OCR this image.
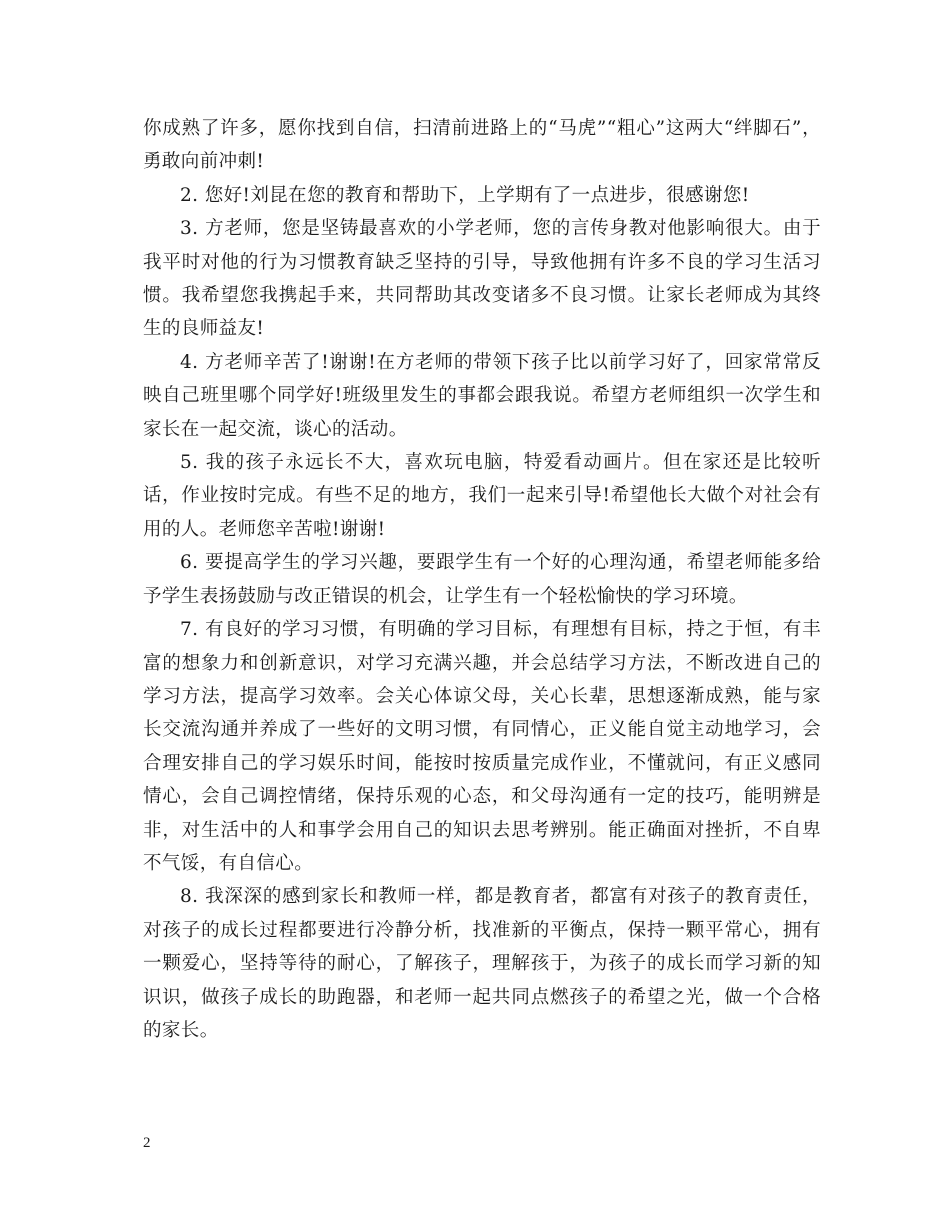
你成熟了许多，愿你找到自信，扫清前进路上的“马虎”“粗心”这两大“绊脚石”，勇敢向前冲刺!

2. 您好!刘昆在您的教育和帮助下，上学期有了一点进步，很感谢您!

3. 方老师，您是坚铸最喜欢的小学老师，您的言传身教对他影响很大。由于我平时对他的行为习惯教育缺乏坚持的引导，导致他拥有许多不良的学习生活习惯。我希望您我携起手来，共同帮助其改变诸多不良习惯。让家长老师成为其终生的良师益友!

4. 方老师辛苦了!谢谢!在方老师的带领下孩子比以前学习好了，回家常常反映自己班里哪个同学好!班级里发生的事都会跟我说。希望方老师组织一次学生和家长在一起交流，谈心的活动。

5. 我的孩子永远长不大，喜欢玩电脑，特爱看动画片。但在家还是比较听话，作业按时完成。有些不足的地方，我们一起来引导!希望他长大做个对社会有用的人。老师您辛苦啦!谢谢!

6. 要提高学生的学习兴趣，要跟学生有一个好的心理沟通，希望老师能多给予学生表扬鼓励与改正错误的机会，让学生有一个轻松愉快的学习环境。

7. 有良好的学习习惯，有明确的学习目标，有理想有目标，持之于恒，有丰富的想象力和创新意识，对学习充满兴趣，并会总结学习方法，不断改进自己的学习方法，提高学习效率。会关心体谅父母，关心长辈，思想逐渐成熟，能与家长交流沟通并养成了一些好的文明习惯，有同情心，正义能自觉主动地学习，会合理安排自己的学习娱乐时间，能按时按质量完成作业，不懂就问，有正义感同情心，会自己调控情绪，保持乐观的心态，和父母沟通有一定的技巧，能明辨是非，对生活中的人和事学会用自己的知识去思考辨别。能正确面对挫折，不自卑不气馁，有自信心。

8. 我深深的感到家长和教师一样，都是教育者，都富有对孩子的教育责任，对孩子的成长过程都要进行冷静分析，找准新的平衡点，保持一颗平常心，拥有一颗爱心，坚持等待的耐心，了解孩子，理解孩于，为孩子的成长而学习新的知识识，做孩子成长的助跑器，和老师一起共同点燃孩子的希望之光，做一个合格的家长。

2
